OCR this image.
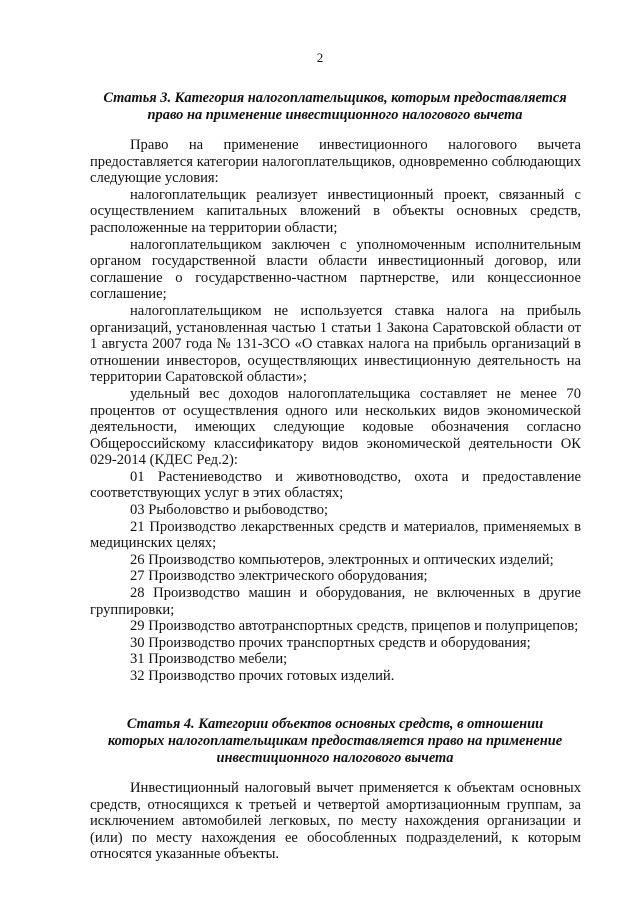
2
Статья 3. Категория налогоплательщиков, которым предоставляется
право на применение инвестиционного налогового вычета

Право на применение инвестиционного налогового вычета предоставляется категории налогоплательщиков, одновременно соблюдающих следующие условия:

налогоплательщик реализует инвестиционный проект, связанный с осуществлением капитальных вложений в объекты основных средств, расположенные на территории области;

налогоплательщиком заключен с уполномоченным исполнительным органом государственной власти области инвестиционный договор, или соглашение о государственно-частном партнерстве, или концессионное соглашение;

налогоплательщиком не используется ставка налога на прибыль организаций, установленная частью 1 статьи 1 Закона Саратовской области от 1 августа 2007 года № 131-ЗСО «О ставках налога на прибыль организаций в отношении инвесторов, осуществляющих инвестиционную деятельность на территории Саратовской области»;

удельный вес доходов налогоплательщика составляет не менее 70 процентов от осуществления одного или нескольких видов экономической деятельности, имеющих следующие кодовые обозначения согласно Общероссийскому классификатору видов экономической деятельности ОК 029-2014 (КДЕС Ред.2):

01 Растениеводство и животноводство, охота и предоставление соответствующих услуг в этих областях;

03 Рыболовство и рыбоводство;

21 Производство лекарственных средств и материалов, применяемых в медицинских целях;

26 Производство компьютеров, электронных и оптических изделий;

27 Производство электрического оборудования;

28 Производство машин и оборудования, не включенных в другие группировки;

29 Производство автотранспортных средств, прицепов и полуприцепов;

30 Производство прочих транспортных средств и оборудования;

31 Производство мебели;

32 Производство прочих готовых изделий.

Статья 4. Категории объектов основных средств, в отношении
которых налогоплательщикам предоставляется право на применение
инвестиционного налогового вычета

Инвестиционный налоговый вычет применяется к объектам основных средств, относящихся к третьей и четвертой амортизационным группам, за исключением автомобилей легковых, по месту нахождения организации и (или) по месту нахождения ее обособленных подразделений, к которым относятся указанные объекты.
